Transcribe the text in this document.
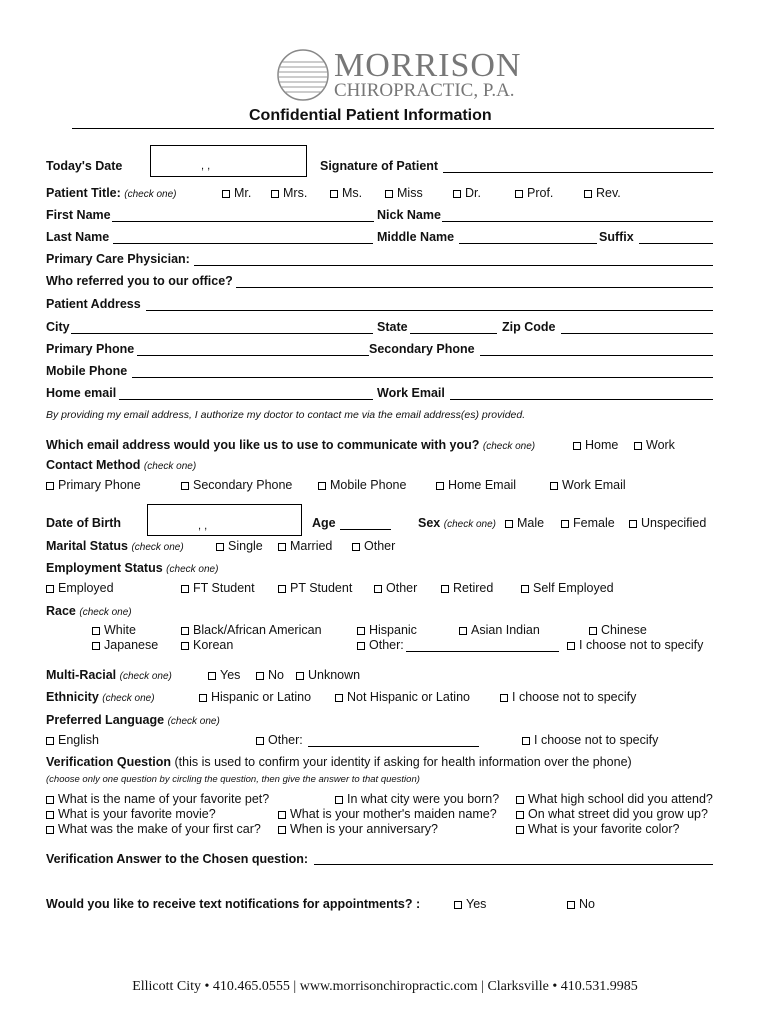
MORRISON
CHIROPRACTIC, P.A.
Confidential Patient Information
Today's Date	, ,	Signature of Patient
Patient Title: (check one)	Mr.	Mrs.	Ms.	Miss	Dr.	Prof.	Rev.
First Name	Nick Name
Last Name	Middle Name	Suffix
Primary Care Physician:
Who referred you to our office?
Patient Address
City	State	Zip Code
Primary Phone	Secondary Phone
Mobile Phone
Home email	Work Email
By providing my email address, I authorize my doctor to contact me via the email address(es) provided.
Which email address would you like us to use to communicate with you? (check one)	Home	Work
Contact Method (check one)
Primary Phone	Secondary Phone	Mobile Phone	Home Email	Work Email
Date of Birth	, ,	Age	Sex (check one)	Male	Female	Unspecified
Marital Status (check one)	Single	Married	Other
Employment Status (check one)
Employed	FT Student	PT Student	Other	Retired	Self Employed
Race (check one)
White	Black/African American	Hispanic	Asian Indian	Chinese
Japanese	Korean	Other:	I choose not to specify
Multi-Racial (check one)	Yes	No	Unknown
Ethnicity (check one)	Hispanic or Latino	Not Hispanic or Latino	I choose not to specify
Preferred Language (check one)
English	Other:	I choose not to specify
Verification Question (this is used to confirm your identity if asking for health information over the phone)
(choose only one question by circling the question, then give the answer to that question)
What is the name of your favorite pet?	In what city were you born?	What high school did you attend?
What is your favorite movie?	What is your mother's maiden name?	On what street did you grow up?
What was the make of your first car?	When is your anniversary?	What is your favorite color?
Verification Answer to the Chosen question:
Would you like to receive text notifications for appointments? :	Yes	No
Ellicott City • 410.465.0555 | www.morrisonchiropractic.com | Clarksville • 410.531.9985
